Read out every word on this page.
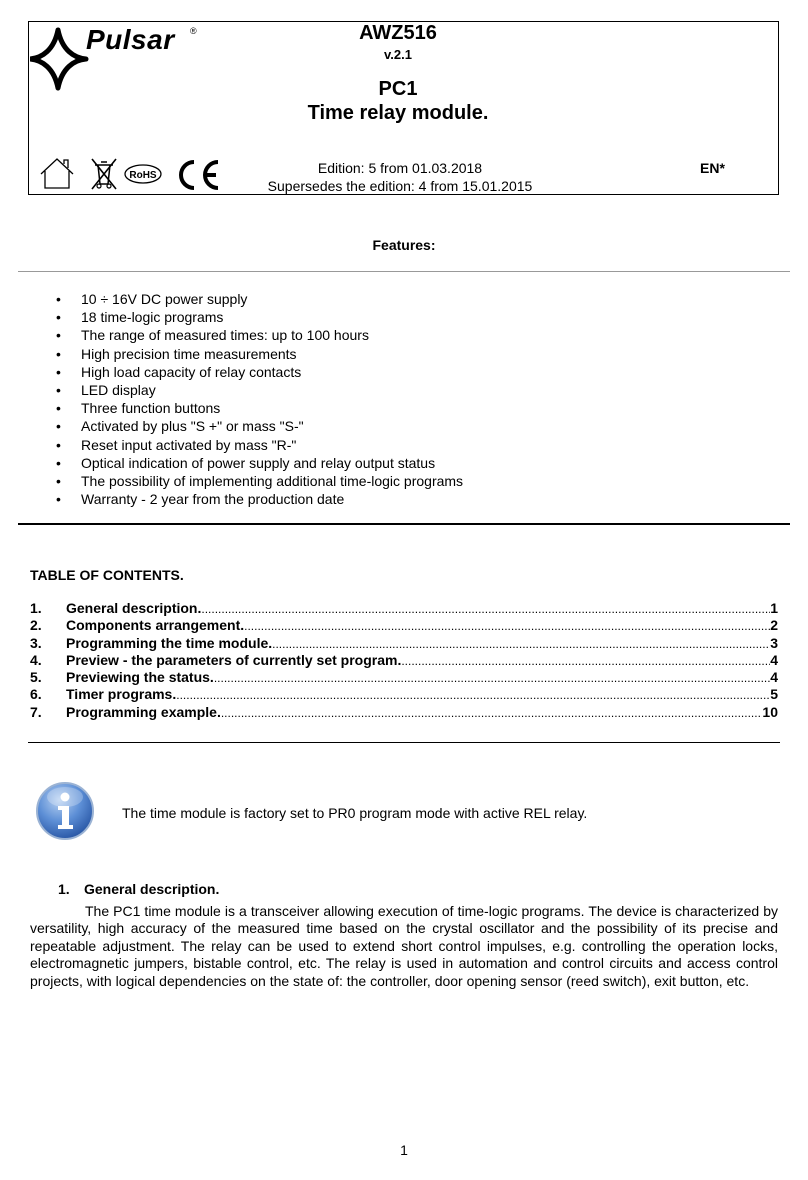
Pulsar ®	AWZ516
v.2.1
PC1
Time relay module.
Edition: 5 from 01.03.2018
Supersedes the edition: 4 from 15.01.2015
EN*
RoHS
Features:
• 10 ÷ 16V DC power supply
• 18 time-logic programs
• The range of measured times: up to 100 hours
• High precision time measurements
• High load capacity of relay contacts
• LED display
• Three function buttons
• Activated by plus "S +" or mass "S-"
• Reset input activated by mass "R-"
• Optical indication of power supply and relay output status
• The possibility of implementing additional time-logic programs
• Warranty - 2 year from the production date
TABLE OF CONTENTS.
1.	General description. .....	1
2.	Components arrangement. .....	2
3.	Programming the time module. .....	3
4.	Preview - the parameters of currently set program. .....	4
5.	Previewing the status. .....	4
6.	Timer programs. .....	5
7.	Programming example. .....	10
The time module is factory set to PR0 program mode with active REL relay.
1. General description.

The PC1 time module is a transceiver allowing execution of time-logic programs. The device is characterized by versatility, high accuracy of the measured time based on the crystal oscillator and the possibility of its precise and repeatable adjustment. The relay can be used to extend short control impulses, e.g. controlling the operation locks, electromagnetic jumpers, bistable control, etc. The relay is used in automation and control circuits and access control projects, with logical dependencies on the state of: the controller, door opening sensor (reed switch), exit button, etc.

1
